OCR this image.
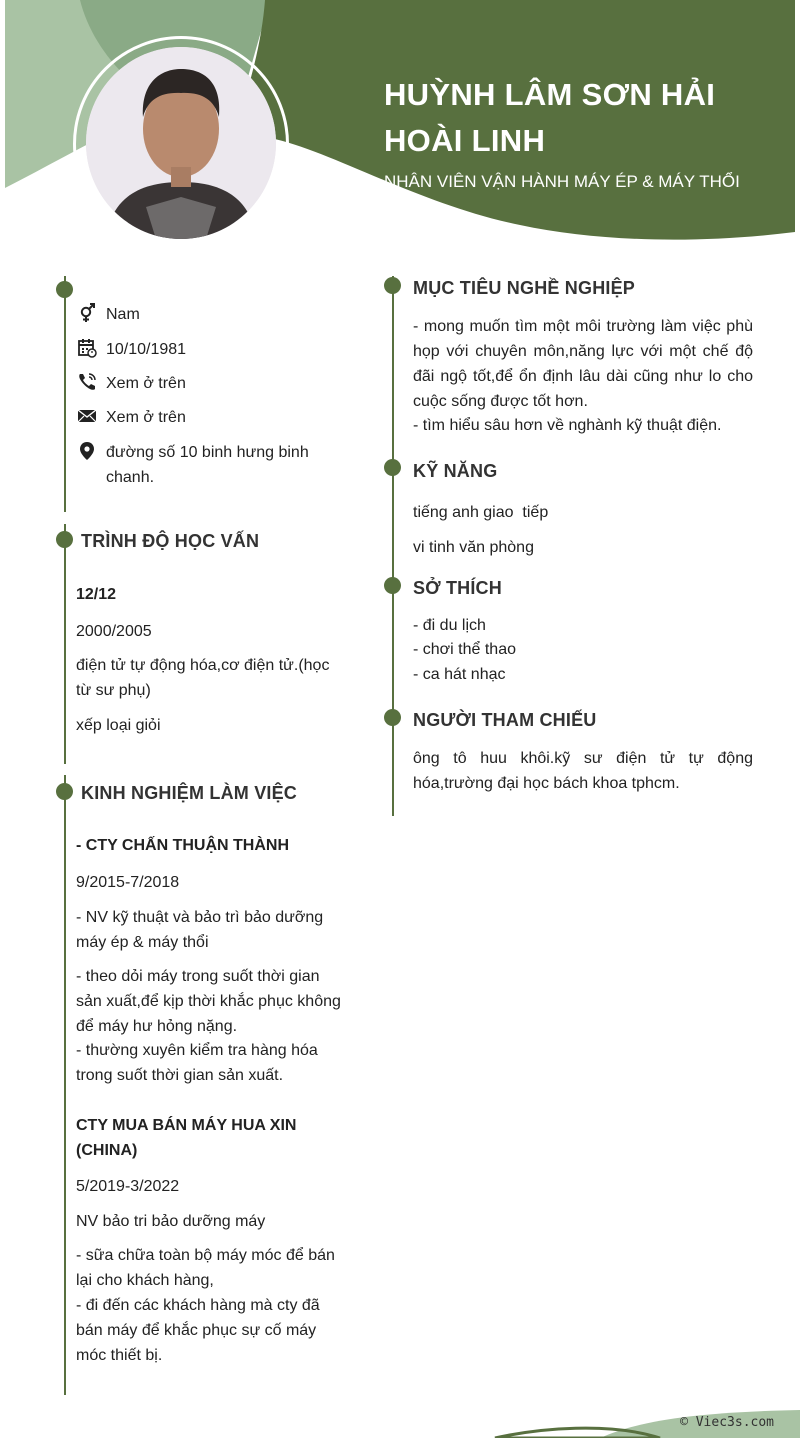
HUỲNH LÂM SƠN HẢI HOÀI LINH
NHÂN VIÊN VẬN HÀNH MÁY ÉP & MÁY THỔI
Nam
10/10/1981
Xem ở trên
Xem ở trên
đường số 10 binh hưng binh chanh.
TRÌNH ĐỘ HỌC VẤN
12/12
2000/2005
điện tử tự động hóa,cơ điện tử.(học từ sư phụ)
xếp loại giỏi
KINH NGHIỆM LÀM VIỆC
- CTY CHẤN THUẬN THÀNH
9/2015-7/2018
- NV kỹ thuật và bảo trì bảo dưỡng máy ép & máy thổi
- theo dỏi máy trong suốt thời gian sản xuất,để kịp thời khắc phục không để máy hư hỏng nặng.
- thường xuyên kiểm tra hàng hóa trong suốt thời gian sản xuất.
CTY MUA BÁN MÁY HUA XIN (CHINA)
5/2019-3/2022
NV bảo tri bảo dưỡng máy
- sữa chữa toàn bộ máy móc để bán lại cho khách hàng,
- đi đến các khách hàng mà cty đã bán máy để khắc phục sự cố máy móc thiết bị.
MỤC TIÊU NGHỀ NGHIỆP
- mong muốn tìm một môi trường làm việc phù họp với chuyên môn,năng lực với một chế độ đãi ngộ tốt,để ổn định lâu dài cũng như lo cho cuộc sống được tốt hơn.
- tìm hiểu sâu hơn về nghành kỹ thuật điện.
KỸ NĂNG
tiếng anh giao  tiếp
vi tinh văn phòng
SỞ THÍCH
- đi du lịch
- chơi thể thao
- ca hát nhạc
NGƯỜI THAM CHIẾU
ông tô huu khôi.kỹ sư điện tử tự động hóa,trường đại học bách khoa tphcm.
© Viec3s.com
